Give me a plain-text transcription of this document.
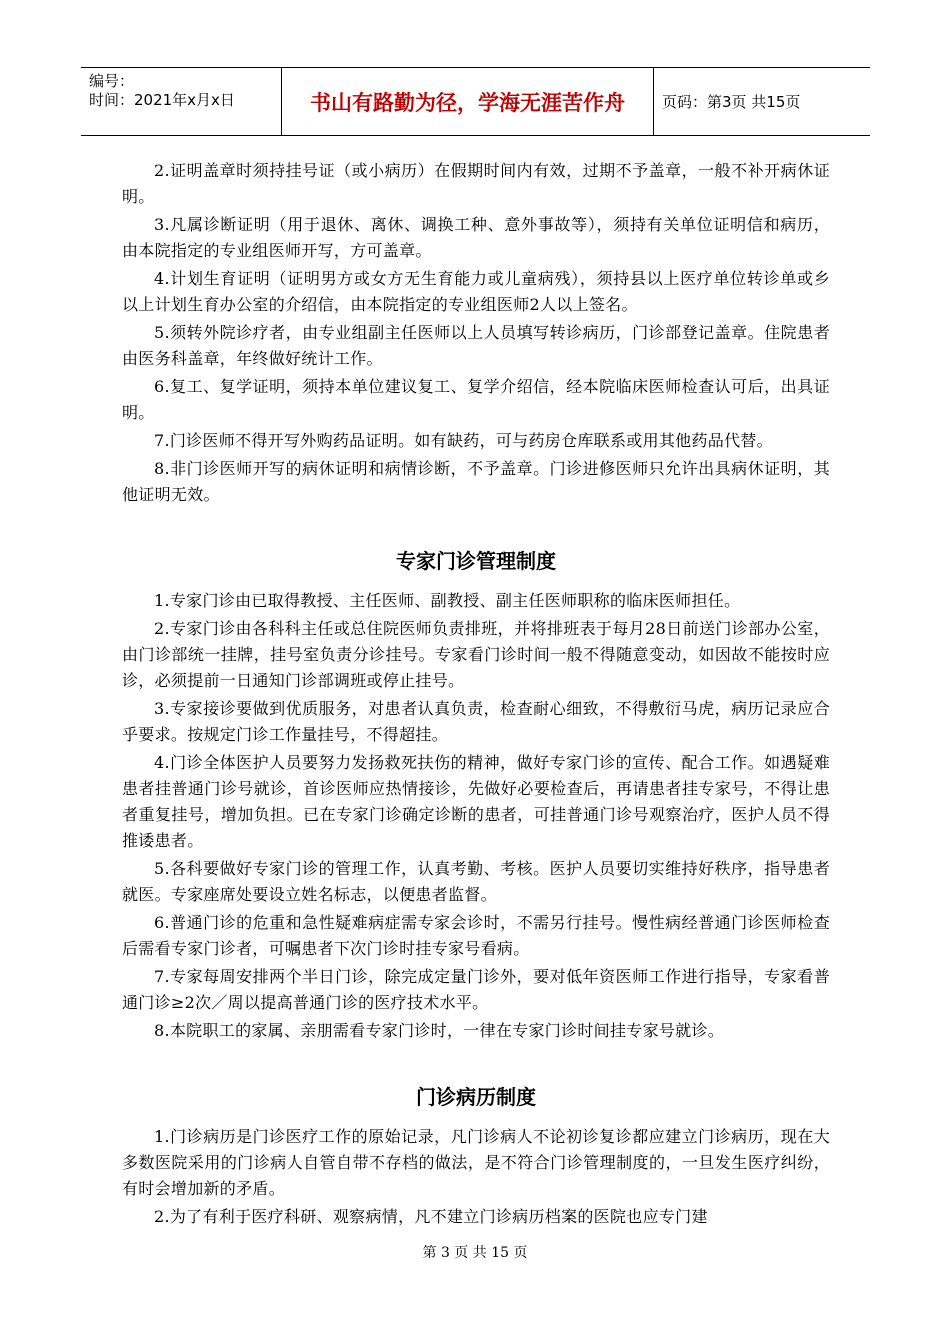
编号：
时间：2021年x月x日	书山有路勤为径，学海无涯苦作舟	页码：第3页 共15页

2.证明盖章时须持挂号证（或小病历）在假期时间内有效，过期不予盖章，一般不补开病休证明。

3.凡属诊断证明（用于退休、离休、调换工种、意外事故等），须持有关单位证明信和病历，由本院指定的专业组医师开写，方可盖章。

4.计划生育证明（证明男方或女方无生育能力或儿童病残），须持县以上医疗单位转诊单或乡以上计划生育办公室的介绍信，由本院指定的专业组医师2人以上签名。

5.须转外院诊疗者，由专业组副主任医师以上人员填写转诊病历，门诊部登记盖章。住院患者由医务科盖章，年终做好统计工作。

6.复工、复学证明，须持本单位建议复工、复学介绍信，经本院临床医师检查认可后，出具证明。

7.门诊医师不得开写外购药品证明。如有缺药，可与药房仓库联系或用其他药品代替。

8.非门诊医师开写的病休证明和病情诊断，不予盖章。门诊进修医师只允许出具病休证明，其他证明无效。

专家门诊管理制度

1.专家门诊由已取得教授、主任医师、副教授、副主任医师职称的临床医师担任。

2.专家门诊由各科科主任或总住院医师负责排班，并将排班表于每月28日前送门诊部办公室，由门诊部统一挂牌，挂号室负责分诊挂号。专家看门诊时间一般不得随意变动，如因故不能按时应诊，必须提前一日通知门诊部调班或停止挂号。

3.专家接诊要做到优质服务，对患者认真负责，检查耐心细致，不得敷衍马虎，病历记录应合乎要求。按规定门诊工作量挂号，不得超挂。

4.门诊全体医护人员要努力发扬救死扶伤的精神，做好专家门诊的宣传、配合工作。如遇疑难患者挂普通门诊号就诊，首诊医师应热情接诊，先做好必要检查后，再请患者挂专家号，不得让患者重复挂号，增加负担。已在专家门诊确定诊断的患者，可挂普通门诊号观察治疗，医护人员不得推诿患者。

5.各科要做好专家门诊的管理工作，认真考勤、考核。医护人员要切实维持好秩序，指导患者就医。专家座席处要设立姓名标志，以便患者监督。

6.普通门诊的危重和急性疑难病症需专家会诊时，不需另行挂号。慢性病经普通门诊医师检查后需看专家门诊者，可嘱患者下次门诊时挂专家号看病。

7.专家每周安排两个半日门诊，除完成定量门诊外，要对低年资医师工作进行指导，专家看普通门诊≥2次／周以提高普通门诊的医疗技术水平。

8.本院职工的家属、亲朋需看专家门诊时，一律在专家门诊时间挂专家号就诊。

门诊病历制度

1.门诊病历是门诊医疗工作的原始记录，凡门诊病人不论初诊复诊都应建立门诊病历，现在大多数医院采用的门诊病人自管自带不存档的做法，是不符合门诊管理制度的，一旦发生医疗纠纷，有时会增加新的矛盾。

2.为了有利于医疗科研、观察病情，凡不建立门诊病历档案的医院也应专门建

第 3 页 共 15 页
